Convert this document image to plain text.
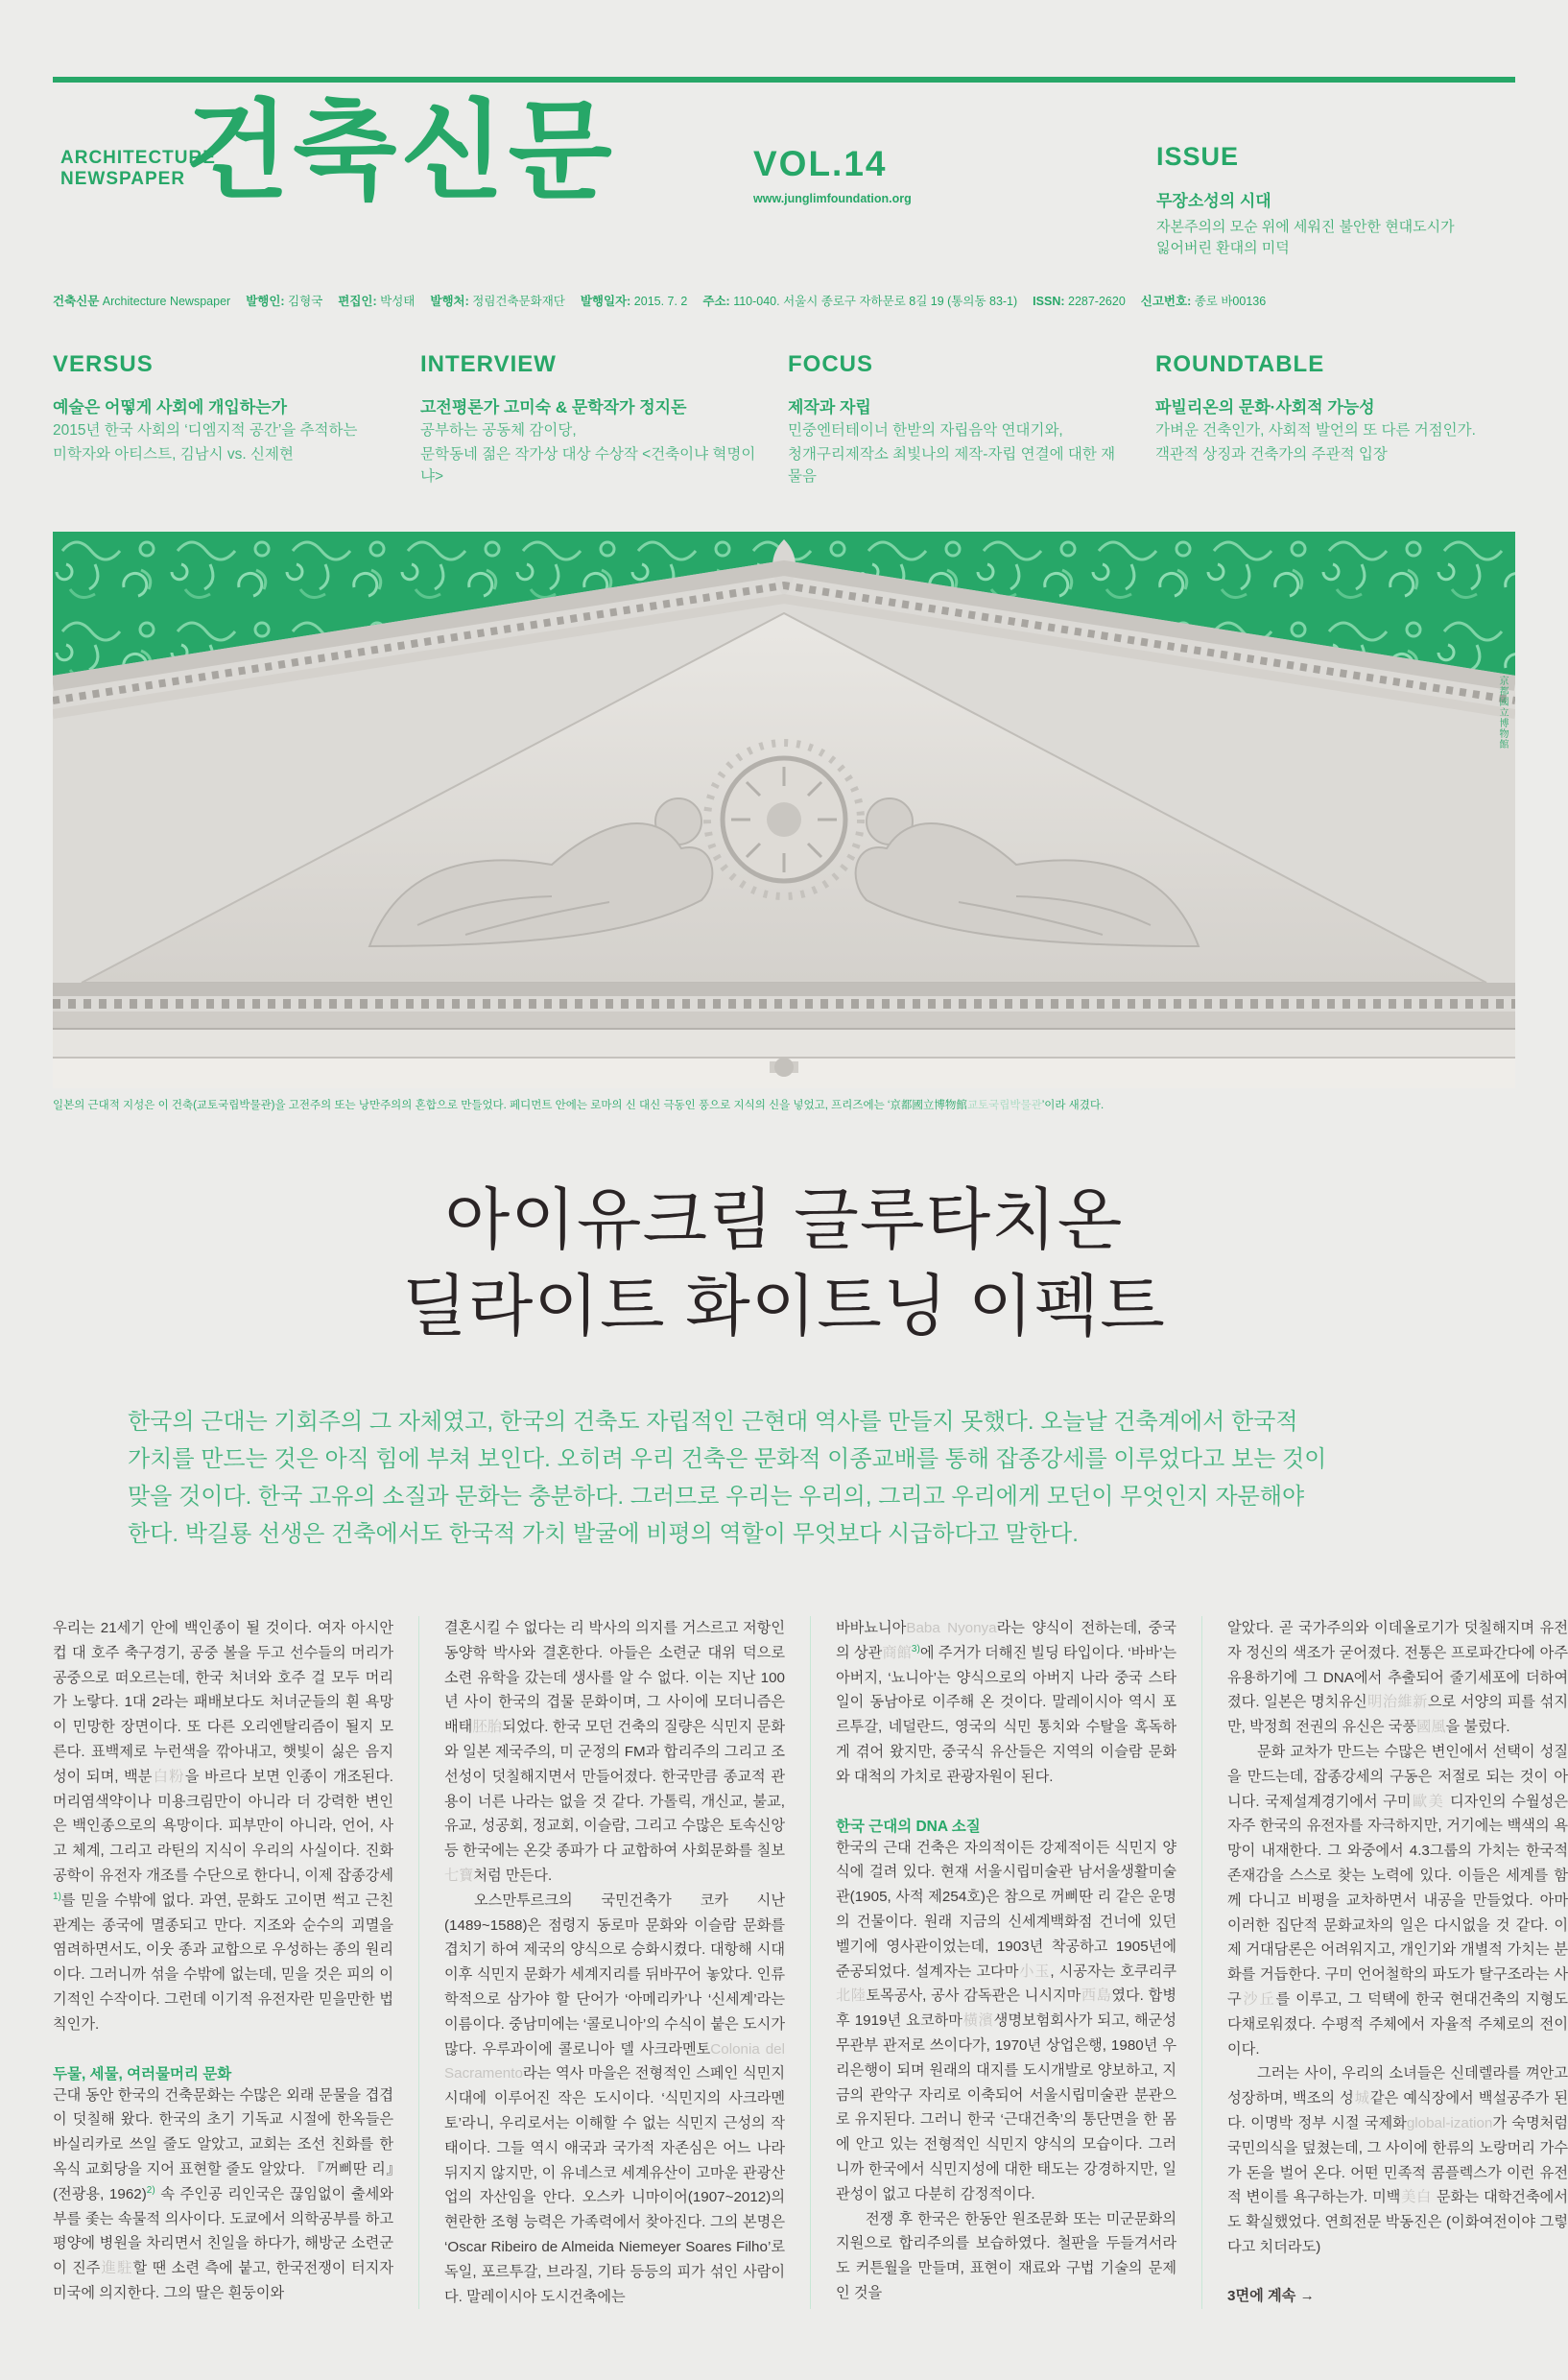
ARCHITECTURE
NEWSPAPER 건축신문	VOL.14
www.junglimfoundation.org
ISSUE
무장소성의 시대
자본주의의 모순 위에 세워진 불안한 현대도시가
잃어버린 환대의 미덕
건축신문 Architecture Newspaper 발행인: 김형국 편집인: 박성태 발행처: 정림건축문화재단 발행일자: 2015. 7. 2 주소: 110-040. 서울시 종로구 자하문로 8길 19 (통의동 83-1) ISSN: 2287-2620 신고번호: 종로 바00136
VERSUS
예술은 어떻게 사회에 개입하는가

2015년 한국 사회의 ‘디엠지적 공간’을 추적하는

미학자와 아티스트, 김남시 vs. 신제현

INTERVIEW
고전평론가 고미숙 & 문학작가 정지돈

공부하는 공동체 감이당,

문학동네 젊은 작가상 대상 수상작 <건축이냐 혁명이냐>

FOCUS
제작과 자립

민중엔터테이너 한받의 자립음악 연대기와,

청개구리제작소 최빛나의 제작-자립 연결에 대한 재물음

ROUNDTABLE
파빌리온의 문화·사회적 가능성

가벼운 건축인가, 사회적 발언의 또 다른 거점인가.

객관적 상징과 건축가의 주관적 입장

京都國立博物館

일본의 근대적 지성은 이 건축(교토국립박물관)을 고전주의 또는 낭만주의의 혼합으로 만들었다. 페디먼트 안에는 로마의 신 대신 극동인 풍으로 지식의 신을 넣었고, 프리즈에는 ‘京都國立博物館교토국립박물관’이라 새겼다.

아이유크림 글루타치온
딜라이트 화이트닝 이펙트
한국의 근대는 기회주의 그 자체였고, 한국의 건축도 자립적인 근현대 역사를 만들지 못했다. 오늘날 건축계에서 한국적
가치를 만드는 것은 아직 힘에 부쳐 보인다. 오히려 우리 건축은 문화적 이종교배를 통해 잡종강세를 이루었다고 보는 것이
맞을 것이다. 한국 고유의 소질과 문화는 충분하다. 그러므로 우리는 우리의, 그리고 우리에게 모던이 무엇인지 자문해야
한다. 박길룡 선생은 건축에서도 한국적 가치 발굴에 비평의 역할이 무엇보다 시급하다고 말한다.

우리는 21세기 안에 백인종이 될 것이다. 여자 아시안컵 대 호주 축구경기, 공중 볼을 두고 선수들의 머리가 공중으로 떠오르는데, 한국 처녀와 호주 걸 모두 머리가 노랗다. 1대 2라는 패배보다도 처녀군들의 흰 욕망이 민망한 장면이다. 또 다른 오리엔탈리즘이 될지 모른다. 표백제로 누런색을 깎아내고, 햇빛이 싫은 음지성이 되며, 백분白粉을 바르다 보면 인종이 개조된다. 머리염색약이나 미용크림만이 아니라 더 강력한 변인은 백인종으로의 욕망이다. 피부만이 아니라, 언어, 사고 체계, 그리고 라틴의 지식이 우리의 사실이다. 진화 공학이 유전자 개조를 수단으로 한다니, 이제 잡종강세$^{1)}$를 믿을 수밖에 없다. 과연, 문화도 고이면 썩고 근친 관계는 종국에 멸종되고 만다. 지조와 순수의 괴멸을 염려하면서도, 이웃 종과 교합으로 우성하는 종의 원리이다. 그러니까 섞을 수밖에 없는데, 믿을 것은 피의 이기적인 수작이다. 그런데 이기적 유전자란 믿을만한 법칙인가.

두물, 세물, 여러물머리 문화

근대 동안 한국의 건축문화는 수많은 외래 문물을 겹겹이 덧칠해 왔다. 한국의 초기 기독교 시절에 한옥들은 바실리카로 쓰일 줄도 알았고, 교회는 조선 친화를 한옥식 교회당을 지어 표현할 줄도 알았다. 『꺼삐딴 리』(전광용, 1962)$^{2)}$ 속 주인공 리인국은 끊임없이 출세와 부를 좇는 속물적 의사이다. 도쿄에서 의학공부를 하고 평양에 병원을 차리면서 친일을 하다가, 해방군 소련군이 진주進駐할 땐 소련 측에 붙고, 한국전쟁이 터지자 미국에 의지한다. 그의 딸은 흰둥이와

결혼시킬 수 없다는 리 박사의 의지를 거스르고 저항인 동양학 박사와 결혼한다. 아들은 소련군 대위 덕으로 소련 유학을 갔는데 생사를 알 수 없다. 이는 지난 100년 사이 한국의 겹물 문화이며, 그 사이에 모더니즘은 배태胚胎되었다. 한국 모던 건축의 질량은 식민지 문화와 일본 제국주의, 미 군정의 FM과 합리주의 그리고 조선성이 덧칠해지면서 만들어졌다. 한국만큼 종교적 관용이 너른 나라는 없을 것 같다. 가톨릭, 개신교, 불교, 유교, 성공회, 정교회, 이슬람, 그리고 수많은 토속신앙 등 한국에는 온갖 종파가 다 교합하여 사회문화를 칠보七寶처럼 만든다.

오스만투르크의 국민건축가 코카 시난(1489~1588)은 점령지 동로마 문화와 이슬람 문화를 겹치기 하여 제국의 양식으로 승화시켰다. 대항해 시대 이후 식민지 문화가 세계지리를 뒤바꾸어 놓았다. 인류학적으로 삼가야 할 단어가 ‘아메리카’나 ‘신세계’라는 이름이다. 중남미에는 ‘콜로니아’의 수식이 붙은 도시가 많다. 우루과이에 콜로니아 델 사크라멘토Colonia del Sacramento라는 역사 마을은 전형적인 스페인 식민지 시대에 이루어진 작은 도시이다. ‘식민지의 사크라멘토’라니, 우리로서는 이해할 수 없는 식민지 근성의 작태이다. 그들 역시 애국과 국가적 자존심은 어느 나라 뒤지지 않지만, 이 유네스코 세계유산이 고마운 관광산업의 자산임을 안다. 오스카 니마이어(1907~2012)의 현란한 조형 능력은 가족력에서 찾아진다. 그의 본명은 ‘Oscar Ribeiro de Almeida Niemeyer Soares Filho’로 독일, 포르투갈, 브라질, 기타 등등의 피가 섞인 사람이다. 말레이시아 도시건축에는

바바뇨니아Baba Nyonya라는 양식이 전하는데, 중국의 상관商館$^{3)}$에 주거가 더해진 빌딩 타입이다. ‘바바’는 아버지, ‘뇨니아’는 양식으로의 아버지 나라 중국 스타일이 동남아로 이주해 온 것이다. 말레이시아 역시 포르투갈, 네덜란드, 영국의 식민 통치와 수탈을 혹독하게 겪어 왔지만, 중국식 유산들은 지역의 이슬람 문화와 대척의 가치로 관광자원이 된다.

한국 근대의 DNA 소질

한국의 근대 건축은 자의적이든 강제적이든 식민지 양식에 걸려 있다. 현재 서울시립미술관 남서울생활미술관(1905, 사적 제254호)은 참으로 꺼삐딴 리 같은 운명의 건물이다. 원래 지금의 신세계백화점 건너에 있던 벨기에 영사관이었는데, 1903년 착공하고 1905년에 준공되었다. 설계자는 고다마小玉, 시공자는 호쿠리쿠北陸토목공사, 공사 감독관은 니시지마西島였다. 합병 후 1919년 요코하마橫濱생명보험회사가 되고, 해군성 무관부 관저로 쓰이다가, 1970년 상업은행, 1980년 우리은행이 되며 원래의 대지를 도시개발로 양보하고, 지금의 관악구 자리로 이축되어 서울시립미술관 분관으로 유지된다. 그러니 한국 ‘근대건축’의 통단면을 한 몸에 안고 있는 전형적인 식민지 양식의 모습이다. 그러니까 한국에서 식민지성에 대한 태도는 강경하지만, 일관성이 없고 다분히 감정적이다.

전쟁 후 한국은 한동안 원조문화 또는 미군문화의 지원으로 합리주의를 보습하였다. 철판을 두들겨서라도 커튼월을 만들며, 표현이 재료와 구법 기술의 문제인 것을

알았다. 곧 국가주의와 이데올로기가 덧칠해지며 유전자 정신의 색조가 굳어졌다. 전통은 프로파간다에 아주 유용하기에 그 DNA에서 추출되어 줄기세포에 더하여졌다. 일본은 명치유신明治維新으로 서양의 피를 섞지만, 박정희 전권의 유신은 국풍國風을 불렀다.

문화 교차가 만드는 수많은 변인에서 선택이 성질을 만드는데, 잡종강세의 구동은 저절로 되는 것이 아니다. 국제설계경기에서 구미歐美 디자인의 수월성은 자주 한국의 유전자를 자극하지만, 거기에는 백색의 욕망이 내재한다. 그 와중에서 4.3그룹의 가치는 한국적 존재감을 스스로 찾는 노력에 있다. 이들은 세계를 함께 다니고 비평을 교차하면서 내공을 만들었다. 아마 이러한 집단적 문화교차의 일은 다시없을 것 같다. 이제 거대담론은 어려워지고, 개인기와 개별적 가치는 분화를 거듭한다. 구미 언어철학의 파도가 탈구조라는 사구沙丘를 이루고, 그 덕택에 한국 현대건축의 지형도 다채로워졌다. 수평적 주체에서 자율적 주체로의 전이이다.

그러는 사이, 우리의 소녀들은 신데렐라를 껴안고 성장하며, 백조의 성城같은 예식장에서 백설공주가 된다. 이명박 정부 시절 국제화global-ization가 숙명처럼 국민의식을 덮쳤는데, 그 사이에 한류의 노랑머리 가수가 돈을 벌어 온다. 어떤 민족적 콤플렉스가 이런 유전적 변이를 욕구하는가. 미백美白 문화는 대학건축에서도 확실했었다. 연희전문 박동진은 (이화여전이야 그렇다고 치더라도)

3면에 계속 →
